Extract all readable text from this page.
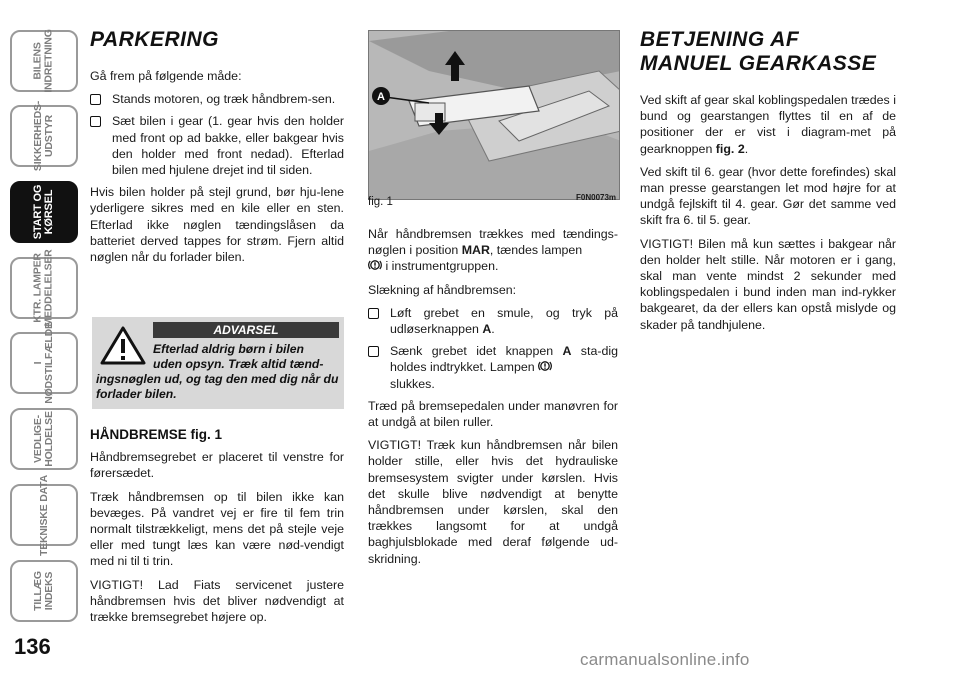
BILENS
INDRETNING
SIKKERHEDS-
UDSTYR
START OG
KØRSEL
KTR. LAMPER
MEDDELELSER
I
NØDSTILFÆLDE
VEDLIGE-
HOLDELSE
TEKNISKE DATA
TILLÆG
INDEKS
136
PARKERING

Gå frem på følgende måde:

Stands motoren, og træk håndbrem-sen.
Sæt bilen i gear (1. gear hvis den holder med front op ad bakke, eller bakgear hvis den holder med front nedad). Efterlad bilen med hjulene drejet ind til siden.

Hvis bilen holder på stejl grund, bør hju-lene yderligere sikres med en kile eller en sten. Efterlad ikke nøglen tændingslåsen da batteriet derved tappes for strøm. Fjern altid nøglen når du forlader bilen.

ADVARSEL
Efterlad aldrig børn i bilen
uden opsyn. Træk altid tænd-
ingsnøglen ud, og tag den med dig når du forlader bilen.
HÅNDBREMSE fig. 1

Håndbremsegrebet er placeret til venstre for førersædet.

Træk håndbremsen op til bilen ikke kan bevæges. På vandret vej er fire til fem trin normalt tilstrækkeligt, mens det på stejle veje eller med tungt læs kan være nød-vendigt med ni til ti trin.

VIGTIGT! Lad Fiats servicenet justere håndbremsen hvis det bliver nødvendigt at trække bremsegrebet højere op.

A
fig. 1	F0N0073m

Når håndbremsen trækkes med tændings-nøglen i position MAR, tændes lampen
i instrumentgruppen.

Slækning af håndbremsen:

Løft grebet en smule, og tryk på udløserknappen A.
Sænk grebet idet knappen A sta-dig holdes indtrykket. Lampen
slukkes.

Træd på bremsepedalen under manøvren for at undgå at bilen ruller.

VIGTIGT! Træk kun håndbremsen når bilen holder stille, eller hvis det hydrauliske bremsesystem svigter under kørslen. Hvis det skulle blive nødvendigt at benytte håndbremsen under kørslen, skal den trækkes langsomt for at undgå baghjulsblokade med deraf følgende ud-skridning.

BETJENING AF
MANUEL GEARKASSE

Ved skift af gear skal koblingspedalen trædes i bund og gearstangen flyttes til en af de positioner der er vist i diagram-met på gearknoppen fig. 2.

Ved skift til 6. gear (hvor dette forefindes) skal man presse gearstangen let mod højre for at undgå fejlskift til 4. gear. Gør det samme ved skift fra 6. til 5. gear.

VIGTIGT! Bilen må kun sættes i bakgear når den holder helt stille. Når motoren er i gang, skal man vente mindst 2 sekunder med koblingspedalen i bund inden man ind-rykker bakgearet, da der ellers kan opstå mislyde og skader på tandhjulene.

carmanualsonline.info
